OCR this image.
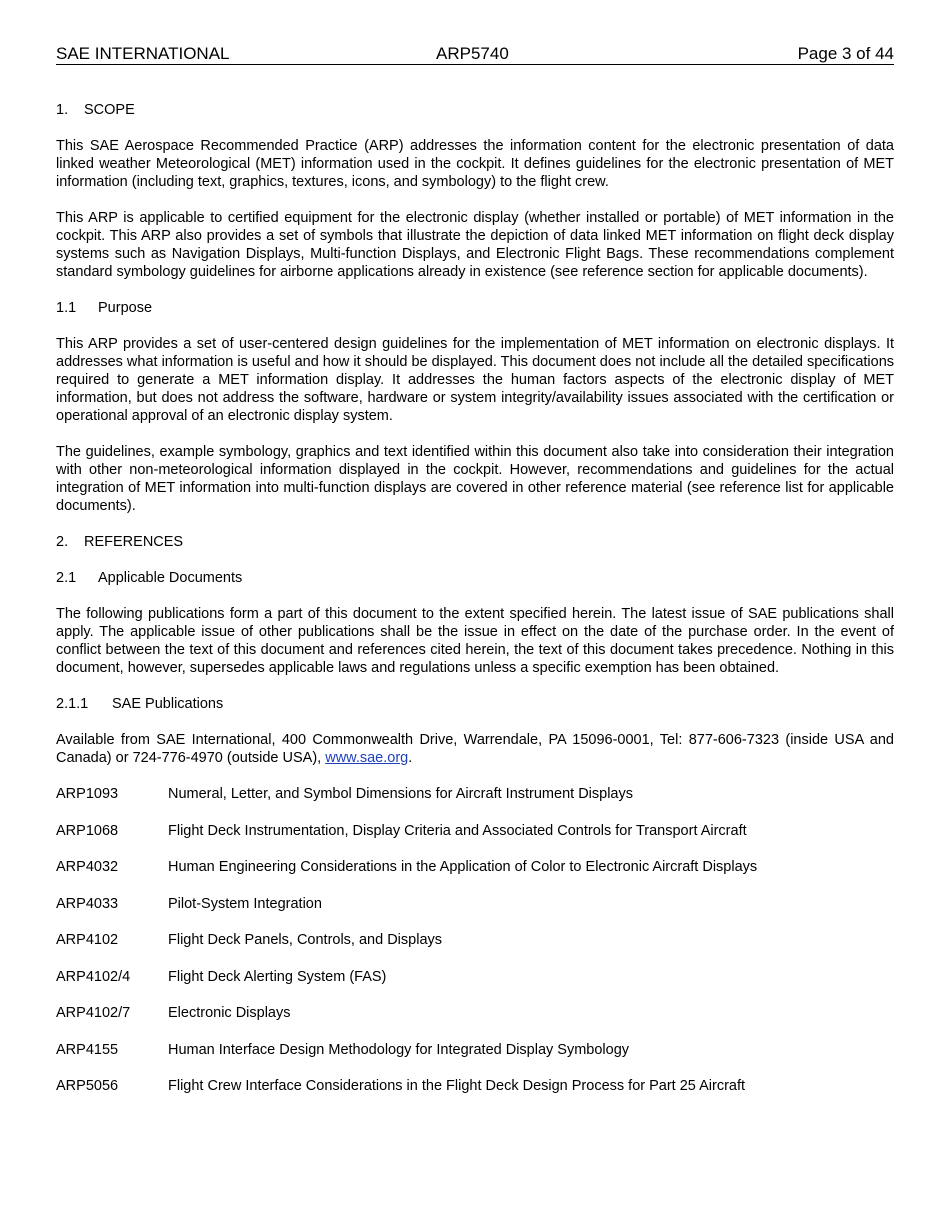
SAE INTERNATIONAL	ARP5740	Page 3 of 44
1. SCOPE

This SAE Aerospace Recommended Practice (ARP) addresses the information content for the electronic presentation of data linked weather Meteorological (MET) information used in the cockpit. It defines guidelines for the electronic presentation of MET information (including text, graphics, textures, icons, and symbology) to the flight crew.

This ARP is applicable to certified equipment for the electronic display (whether installed or portable) of MET information in the cockpit. This ARP also provides a set of symbols that illustrate the depiction of data linked MET information on flight deck display systems such as Navigation Displays, Multi-function Displays, and Electronic Flight Bags. These recommendations complement standard symbology guidelines for airborne applications already in existence (see reference section for applicable documents).

1.1 Purpose

This ARP provides a set of user-centered design guidelines for the implementation of MET information on electronic displays. It addresses what information is useful and how it should be displayed. This document does not include all the detailed specifications required to generate a MET information display. It addresses the human factors aspects of the electronic display of MET information, but does not address the software, hardware or system integrity/availability issues associated with the certification or operational approval of an electronic display system.

The guidelines, example symbology, graphics and text identified within this document also take into consideration their integration with other non-meteorological information displayed in the cockpit. However, recommendations and guidelines for the actual integration of MET information into multi-function displays are covered in other reference material (see reference list for applicable documents).

2. REFERENCES
2.1 Applicable Documents

The following publications form a part of this document to the extent specified herein. The latest issue of SAE publications shall apply. The applicable issue of other publications shall be the issue in effect on the date of the purchase order. In the event of conflict between the text of this document and references cited herein, the text of this document takes precedence. Nothing in this document, however, supersedes applicable laws and regulations unless a specific exemption has been obtained.

2.1.1 SAE Publications

Available from SAE International, 400 Commonwealth Drive, Warrendale, PA 15096-0001, Tel: 877-606-7323 (inside USA and Canada) or 724-776-4970 (outside USA), www.sae.org.

ARP1093	Numeral, Letter, and Symbol Dimensions for Aircraft Instrument Displays
ARP1068	Flight Deck Instrumentation, Display Criteria and Associated Controls for Transport Aircraft
ARP4032	Human Engineering Considerations in the Application of Color to Electronic Aircraft Displays
ARP4033	Pilot-System Integration
ARP4102	Flight Deck Panels, Controls, and Displays
ARP4102/4	Flight Deck Alerting System (FAS)
ARP4102/7	Electronic Displays
ARP4155	Human Interface Design Methodology for Integrated Display Symbology
ARP5056	Flight Crew Interface Considerations in the Flight Deck Design Process for Part 25 Aircraft
